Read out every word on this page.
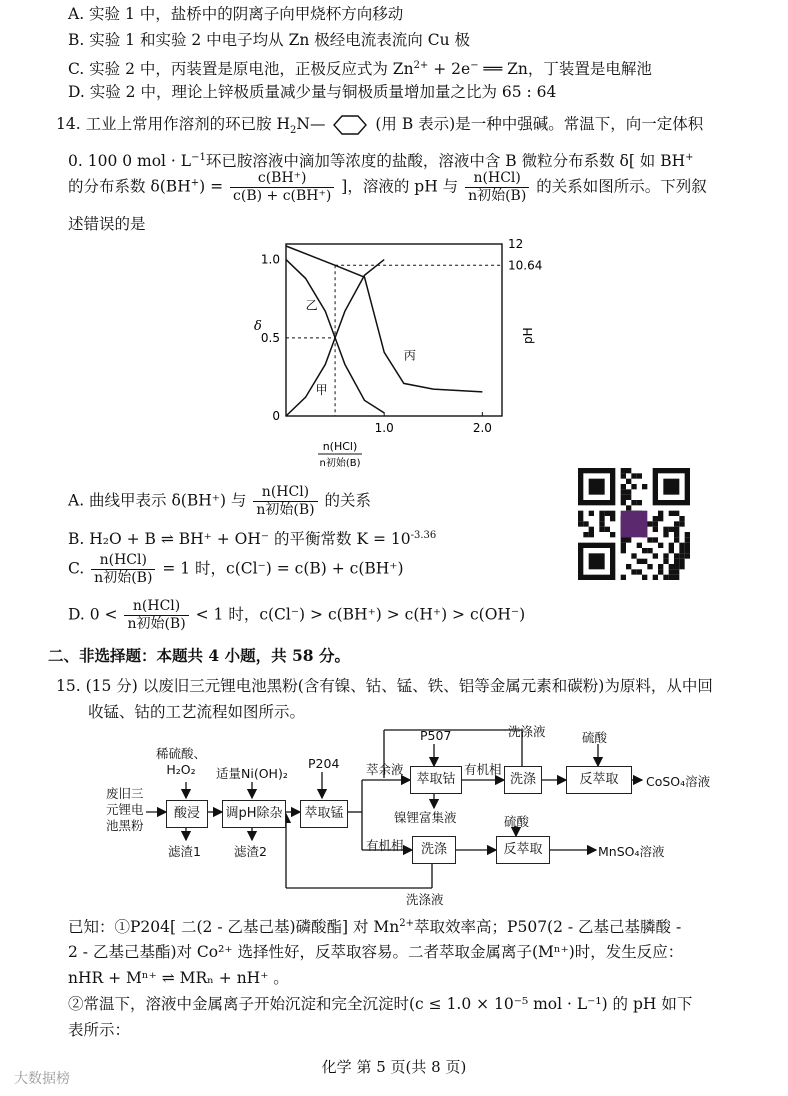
A. 实验 1 中，盐桥中的阴离子向甲烧杯方向移动
B. 实验 1 和实验 2 中电子均从 Zn 极经电流表流向 Cu 极
C. 实验 2 中，丙装置是原电池，正极反应式为 $Zn^{2+} + 2e^-$ ══ Zn，丁装置是电解池
D. 实验 2 中，理论上锌极质量减少量与铜极质量增加量之比为 65 : 64
14. 工业上常用作溶剂的环已胺 $H_2N—$	(用 B 表示)是一种中强碱。常温下，向一定体积
0. 100 0 mol · $L^{-1}$环已胺溶液中滴加等浓度的盐酸，溶液中含 B 微粒分布系数 δ[ 如 BH+
的分布系数 $\delta(BH^+) = \frac{c(BH^+)}{c(B) + c(BH^+)}$ ]，溶液的 pH 与 $\frac{\text{n(HCl)}}{\text{n初始(B)}}$ 的关系如图所示。下列叙
述错误的是
0
0.5
1.0
1.0	2.0
12
10.64
δ
pH
n(HCl)
n初始(B)
乙
甲
丙
A. 曲线甲表示 δ(BH⁺) 与 $\frac{\text{n(HCl)}}{\text{n初始(B)}}$ 的关系
B. H₂O + B ⇌ BH⁺ + OH⁻ 的平衡常数 $K = 10^{-3.36}$
C. $\frac{\text{n(HCl)}}{\text{n初始(B)}} = 1$ 时，c(Cl⁻) = c(B) + c(BH⁺)
D. $0 < \frac{\text{n(HCl)}}{\text{n初始(B)}} < 1$ 时，c(Cl⁻) > c(BH⁺) > c(H⁺) > c(OH⁻)
二、非选择题：本题共 4 小题，共 58 分。
15. (15 分) 以废旧三元锂电池黑粉(含有镍、钴、锰、铁、铝等金属元素和碳粉)为原料，从中回
收锰、钴的工艺流程如图所示。
酸浸	调pH除杂	萃取锰
萃取钴	洗涤	反萃取
洗涤	反萃取
废旧三
元锂电
池黑粉
稀硫酸、
H₂O₂	适量Ni(OH)₂
P204
P507	硫酸
硫酸
滤渣1	滤渣2
萃余液	有机相
有机相
洗涤液
洗涤液
镍锂富集液
CoSO₄溶液
MnSO₄溶液
已知：①P204[ 二(2 - 乙基己基)磷酸酯] 对 $Mn^{2+}$萃取效率高；P507(2 - 乙基己基膦酸 -
2 - 乙基己基酯)对 Co²⁺ 选择性好，反萃取容易。二者萃取金属离子(Mⁿ⁺)时，发生反应：
nHR + Mⁿ⁺ ⇌ MRₙ + nH⁺ 。
②常温下，溶液中金属离子开始沉淀和完全沉淀时(c ≤ 1.0 × 10⁻⁵ mol · L⁻¹) 的 pH 如下
表所示：
化学 第 5 页(共 8 页)
大数据榜
